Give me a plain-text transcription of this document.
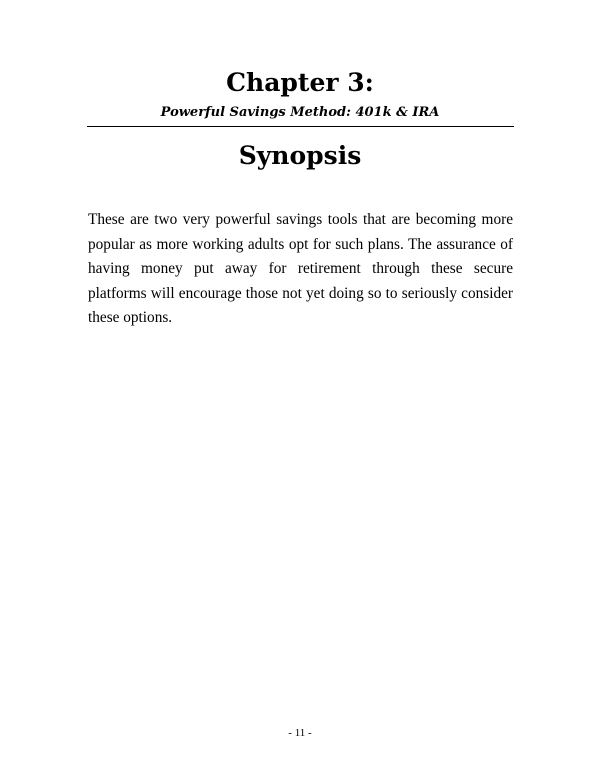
Chapter 3:
Powerful Savings Method: 401k & IRA
Synopsis

These are two very powerful savings tools that are becoming more popular as more working adults opt for such plans. The assurance of having money put away for retirement through these secure platforms will encourage those not yet doing so to seriously consider these options.

- 11 -
